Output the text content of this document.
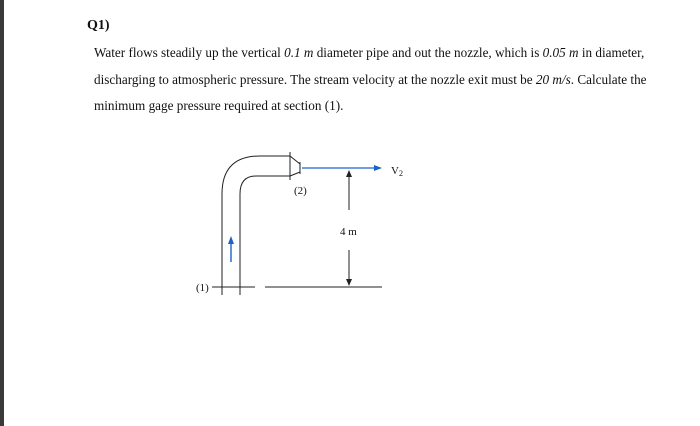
Q1)

Water flows steadily up the vertical 0.1 m diameter pipe and out the nozzle, which is 0.05 m in diameter, discharging to atmospheric pressure. The stream velocity at the nozzle exit must be 20 m/s. Calculate the minimum gage pressure required at section (1).

V2
(1)
(2)
4 m
